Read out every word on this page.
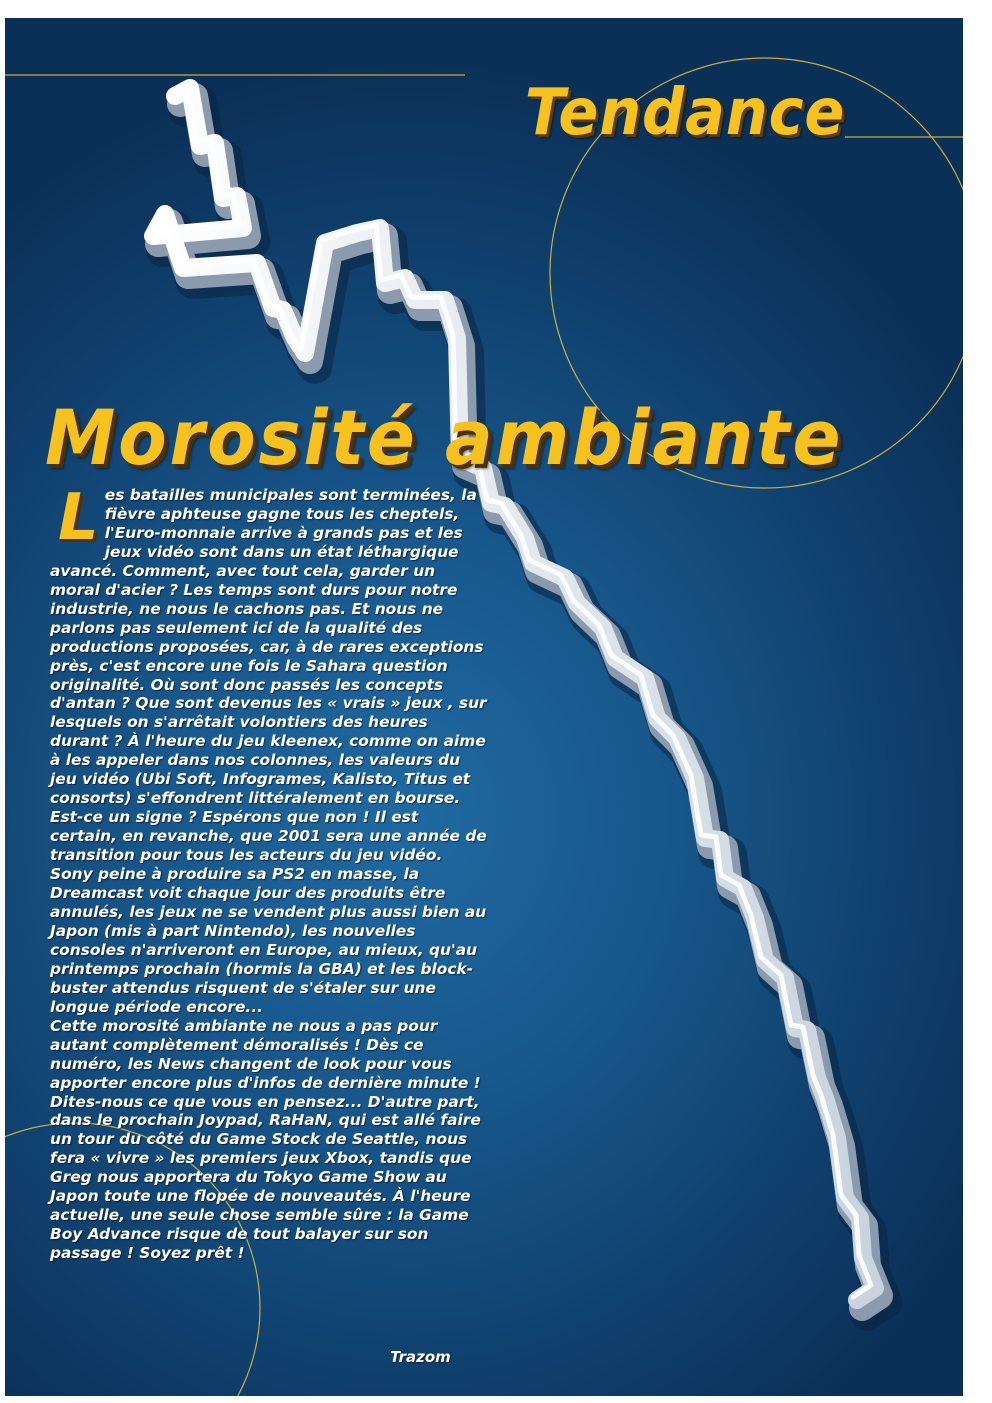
Tendance
Morosité ambiante

Les batailles municipales sont terminées, la fièvre aphteuse gagne tous les cheptels, l'Euro-monnaie arrive à grands pas et les jeux vidéo sont dans un état léthargique avancé. Comment, avec tout cela, garder un moral d'acier ? Les temps sont durs pour notre industrie, ne nous le cachons pas. Et nous ne parlons pas seulement ici de la qualité des productions proposées, car, à de rares exceptions près, c'est encore une fois le Sahara question originalité. Où sont donc passés les concepts d'antan ? Que sont devenus les « vrais » jeux , sur lesquels on s'arrêtait volontiers des heures durant ? À l'heure du jeu kleenex, comme on aime à les appeler dans nos colonnes, les valeurs du jeu vidéo (Ubi Soft, Infogrames, Kalisto, Titus et consorts) s'effondrent littéralement en bourse. Est-ce un signe ? Espérons que non ! Il est certain, en revanche, que 2001 sera une année de transition pour tous les acteurs du jeu vidéo. Sony peine à produire sa PS2 en masse, la Dreamcast voit chaque jour des produits être annulés, les jeux ne se vendent plus aussi bien au Japon (mis à part Nintendo), les nouvelles consoles n'arriveront en Europe, au mieux, qu'au printemps prochain (hormis la GBA) et les block-buster attendus risquent de s'étaler sur une longue période encore...

Cette morosité ambiante ne nous a pas pour autant complètement démoralisés ! Dès ce numéro, les News changent de look pour vous apporter encore plus d'infos de dernière minute ! Dites-nous ce que vous en pensez... D'autre part, dans le prochain Joypad, RaHaN, qui est allé faire un tour du côté du Game Stock de Seattle, nous fera « vivre » les premiers jeux Xbox, tandis que Greg nous apportera du Tokyo Game Show au Japon toute une flopée de nouveautés. À l'heure actuelle, une seule chose semble sûre : la Game Boy Advance risque de tout balayer sur son passage ! Soyez prêt !

Trazom
